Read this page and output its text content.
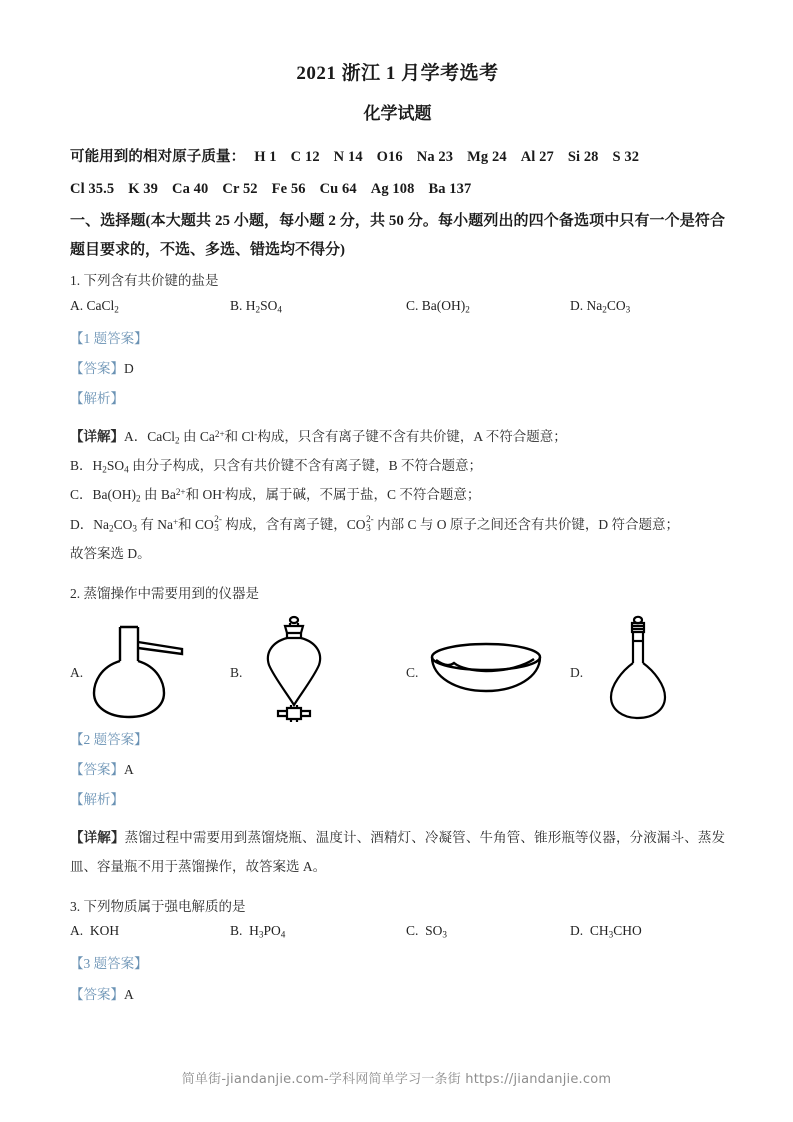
2021 浙江 1 月学考选考
化学试题
可能用到的相对原子质量： H 1 C 12 N 14 O16 Na 23 Mg 24 Al 27 Si 28 S 32
Cl 35.5 K 39 Ca 40 Cr 52 Fe 56 Cu 64 Ag 108 Ba 137
一、选择题(本大题共 25 小题，每小题 2 分，共 50 分。每小题列出的四个备选项中只有一个是符合题目要求的，不选、多选、错选均不得分)
1. 下列含有共价键的盐是
A. CaCl$_2$	B. $H_2SO_4$	C. $Ba(OH)_2$	D. $Na_2CO_3$
【1 题答案】
【答案】D
【解析】
【详解】A．CaCl$_2$ 由 $Ca^{2+}$和 Cl-构成，只含有离子键不含有共价键，A 不符合题意；
B．$H_2SO_4$ 由分子构成，只含有共价键不含有离子键，B 不符合题意；
C．$Ba(OH)_2$ 由 $Ba^{2+}$和 OH-构成，属于碱，不属于盐，C 不符合题意；
D．$Na_2CO_3$ 有 Na+和 CO 2-
3 构成，含有离子键，CO 2-
3 内部 C 与 O 原子之间还含有共价键，D 符合题意；
故答案选 D。
2. 蒸馏操作中需要用到的仪器是
A.	B.	C.	D.
【2 题答案】
【答案】A
【解析】
【详解】蒸馏过程中需要用到蒸馏烧瓶、温度计、酒精灯、冷凝管、牛角管、锥形瓶等仪器，分液漏斗、蒸发皿、容量瓶不用于蒸馏操作，故答案选 A。
3. 下列物质属于强电解质的是
A.  KOH	B.  $H_3PO_4$	C.  $SO_3$	D.  $CH_3CHO$
【3 题答案】
【答案】A
简单街-jiandanjie.com-学科网简单学习一条街 https://jiandanjie.com
